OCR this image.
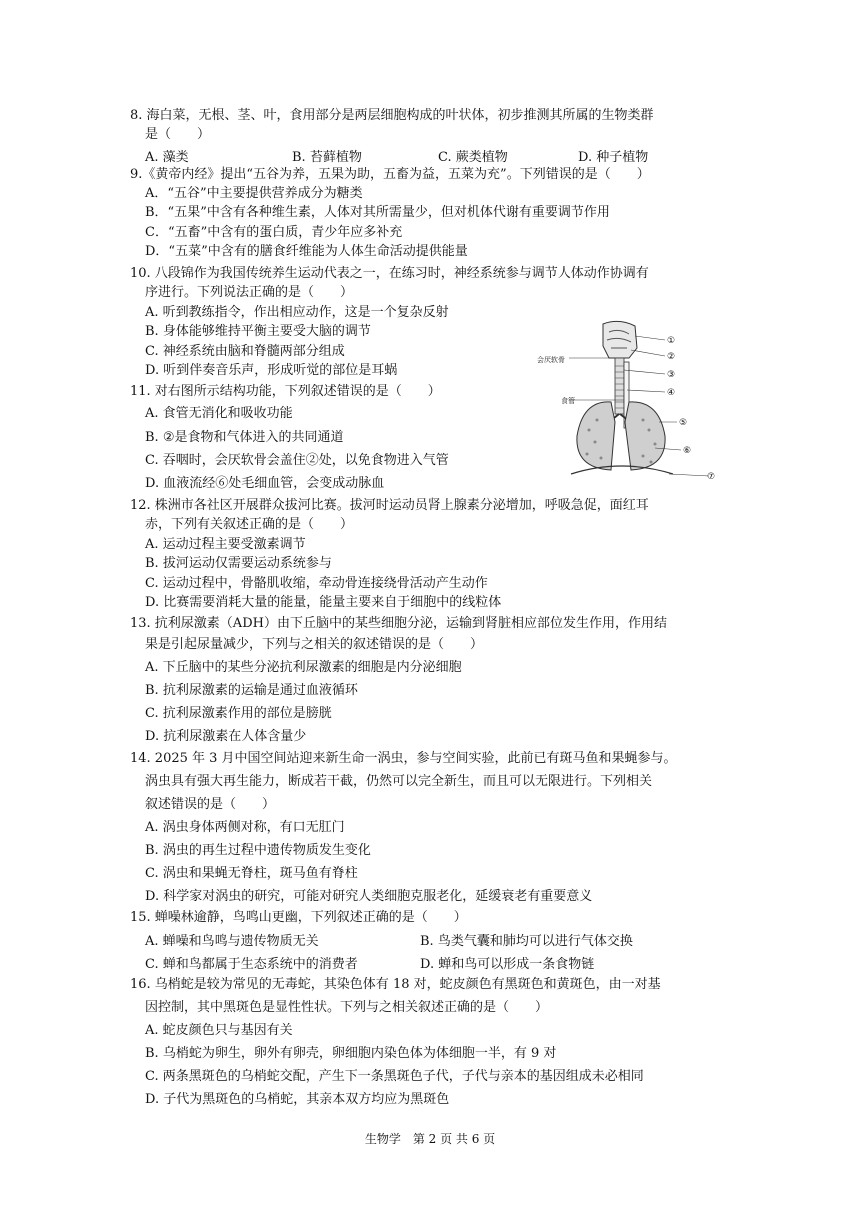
8. 海白菜，无根、茎、叶，食用部分是两层细胞构成的叶状体，初步推测其所属的生物类群
是（　　）
A. 藻类	B. 苔藓植物	C. 蕨类植物	D. 种子植物
9.《黄帝内经》提出“五谷为养，五果为助，五畜为益，五菜为充”。下列错误的是（　　）
A．“五谷”中主要提供营养成分为糖类
B．“五果”中含有各种维生素，人体对其所需量少，但对机体代谢有重要调节作用
C．“五畜”中含有的蛋白质，青少年应多补充
D．“五菜”中含有的膳食纤维能为人体生命活动提供能量
10. 八段锦作为我国传统养生运动代表之一，在练习时，神经系统参与调节人体动作协调有
序进行。下列说法正确的是（　　）
A. 听到教练指令，作出相应动作，这是一个复杂反射
B. 身体能够维持平衡主要受大脑的调节
C. 神经系统由脑和脊髓两部分组成
D. 听到伴奏音乐声，形成听觉的部位是耳蜗
11. 对右图所示结构功能，下列叙述错误的是（　　）
A. 食管无消化和吸收功能
B. ②是食物和气体进入的共同通道
C. 吞咽时，会厌软骨会盖住②处，以免食物进入气管
D. 血液流经⑥处毛细血管，会变成动脉血
会厌软骨
食管
①
②
③
④
⑤
⑥
⑦
12. 株洲市各社区开展群众拔河比赛。拔河时运动员肾上腺素分泌增加，呼吸急促，面红耳
赤，下列有关叙述正确的是（　　）
A. 运动过程主要受激素调节
B. 拔河运动仅需要运动系统参与
C. 运动过程中，骨骼肌收缩，牵动骨连接绕骨活动产生动作
D. 比赛需要消耗大量的能量，能量主要来自于细胞中的线粒体
13. 抗利尿激素（ADH）由下丘脑中的某些细胞分泌，运输到肾脏相应部位发生作用，作用结
果是引起尿量减少，下列与之相关的叙述错误的是（　　）
A. 下丘脑中的某些分泌抗利尿激素的细胞是内分泌细胞
B. 抗利尿激素的运输是通过血液循环
C. 抗利尿激素作用的部位是膀胱
D. 抗利尿激素在人体含量少
14. 2025 年 3 月中国空间站迎来新生命一涡虫，参与空间实验，此前已有斑马鱼和果蝇参与。
涡虫具有强大再生能力，断成若干截，仍然可以完全新生，而且可以无限进行。下列相关
叙述错误的是（　　）
A. 涡虫身体两侧对称，有口无肛门
B. 涡虫的再生过程中遗传物质发生变化
C. 涡虫和果蝇无脊柱，斑马鱼有脊柱
D. 科学家对涡虫的研究，可能对研究人类细胞克服老化，延缓衰老有重要意义
15. 蝉噪林逾静，鸟鸣山更幽，下列叙述正确的是（　　）
A. 蝉噪和鸟鸣与遗传物质无关	B. 鸟类气囊和肺均可以进行气体交换
C. 蝉和鸟都属于生态系统中的消费者	D. 蝉和鸟可以形成一条食物链
16. 乌梢蛇是较为常见的无毒蛇，其染色体有 18 对，蛇皮颜色有黑斑色和黄斑色，由一对基
因控制，其中黑斑色是显性性状。下列与之相关叙述正确的是（　　）
A. 蛇皮颜色只与基因有关
B. 乌梢蛇为卵生，卵外有卵壳，卵细胞内染色体为体细胞一半，有 9 对
C. 两条黑斑色的乌梢蛇交配，产生下一条黑斑色子代，子代与亲本的基因组成未必相同
D. 子代为黑斑色的乌梢蛇，其亲本双方均应为黑斑色
生物学　第 2 页 共 6 页
